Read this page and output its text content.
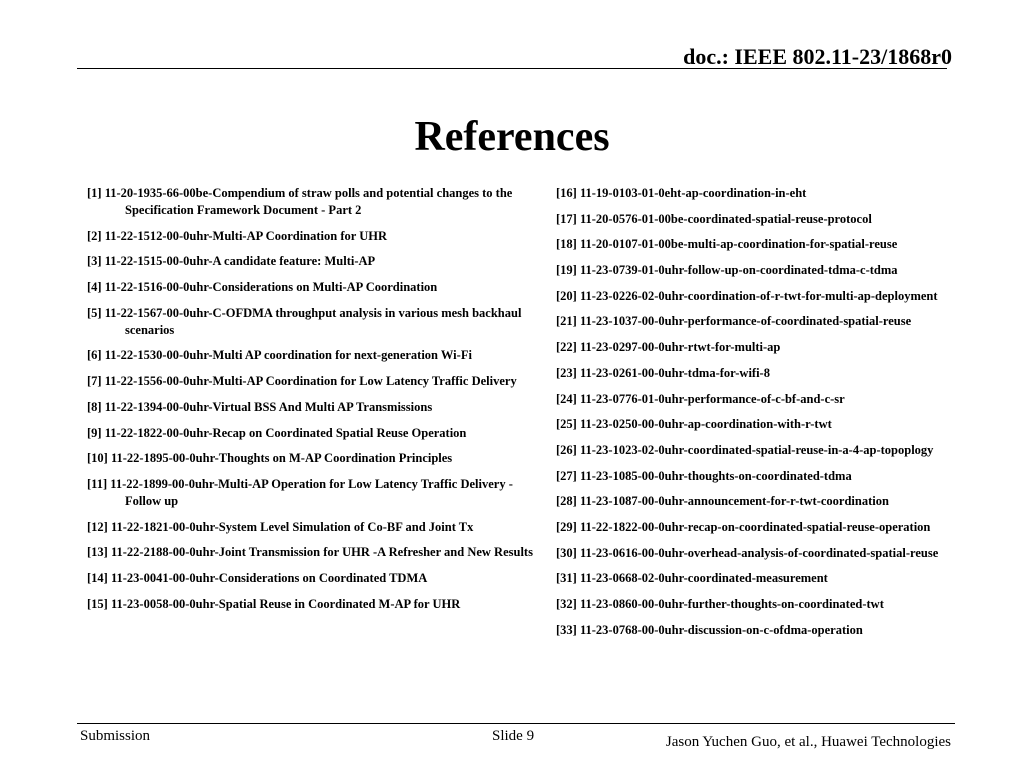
doc.: IEEE 802.11-23/1868r0
References
[1] 11-20-1935-66-00be-Compendium of straw polls and potential changes to the Specification Framework Document - Part 2
[2] 11-22-1512-00-0uhr-Multi-AP Coordination for UHR
[3] 11-22-1515-00-0uhr-A candidate feature: Multi-AP
[4] 11-22-1516-00-0uhr-Considerations on Multi-AP Coordination
[5] 11-22-1567-00-0uhr-C-OFDMA throughput analysis in various mesh backhaul scenarios
[6] 11-22-1530-00-0uhr-Multi AP coordination for next-generation Wi-Fi
[7] 11-22-1556-00-0uhr-Multi-AP Coordination for Low Latency Traffic Delivery
[8] 11-22-1394-00-0uhr-Virtual BSS And Multi AP Transmissions
[9] 11-22-1822-00-0uhr-Recap on Coordinated Spatial Reuse Operation
[10] 11-22-1895-00-0uhr-Thoughts on M-AP Coordination Principles
[11] 11-22-1899-00-0uhr-Multi-AP Operation for Low Latency Traffic Delivery - Follow up
[12] 11-22-1821-00-0uhr-System Level Simulation of Co-BF and Joint Tx
[13] 11-22-2188-00-0uhr-Joint Transmission for UHR -A Refresher and New Results
[14] 11-23-0041-00-0uhr-Considerations on Coordinated TDMA
[15] 11-23-0058-00-0uhr-Spatial Reuse in Coordinated M-AP for UHR
[16] 11-19-0103-01-0eht-ap-coordination-in-eht
[17] 11-20-0576-01-00be-coordinated-spatial-reuse-protocol
[18] 11-20-0107-01-00be-multi-ap-coordination-for-spatial-reuse
[19] 11-23-0739-01-0uhr-follow-up-on-coordinated-tdma-c-tdma
[20] 11-23-0226-02-0uhr-coordination-of-r-twt-for-multi-ap-deployment
[21] 11-23-1037-00-0uhr-performance-of-coordinated-spatial-reuse
[22] 11-23-0297-00-0uhr-rtwt-for-multi-ap
[23] 11-23-0261-00-0uhr-tdma-for-wifi-8
[24] 11-23-0776-01-0uhr-performance-of-c-bf-and-c-sr
[25] 11-23-0250-00-0uhr-ap-coordination-with-r-twt
[26] 11-23-1023-02-0uhr-coordinated-spatial-reuse-in-a-4-ap-topoplogy
[27] 11-23-1085-00-0uhr-thoughts-on-coordinated-tdma
[28] 11-23-1087-00-0uhr-announcement-for-r-twt-coordination
[29] 11-22-1822-00-0uhr-recap-on-coordinated-spatial-reuse-operation
[30] 11-23-0616-00-0uhr-overhead-analysis-of-coordinated-spatial-reuse
[31] 11-23-0668-02-0uhr-coordinated-measurement
[32] 11-23-0860-00-0uhr-further-thoughts-on-coordinated-twt
[33] 11-23-0768-00-0uhr-discussion-on-c-ofdma-operation
Submission	Slide 9	Jason Yuchen Guo, et al., Huawei Technologies
